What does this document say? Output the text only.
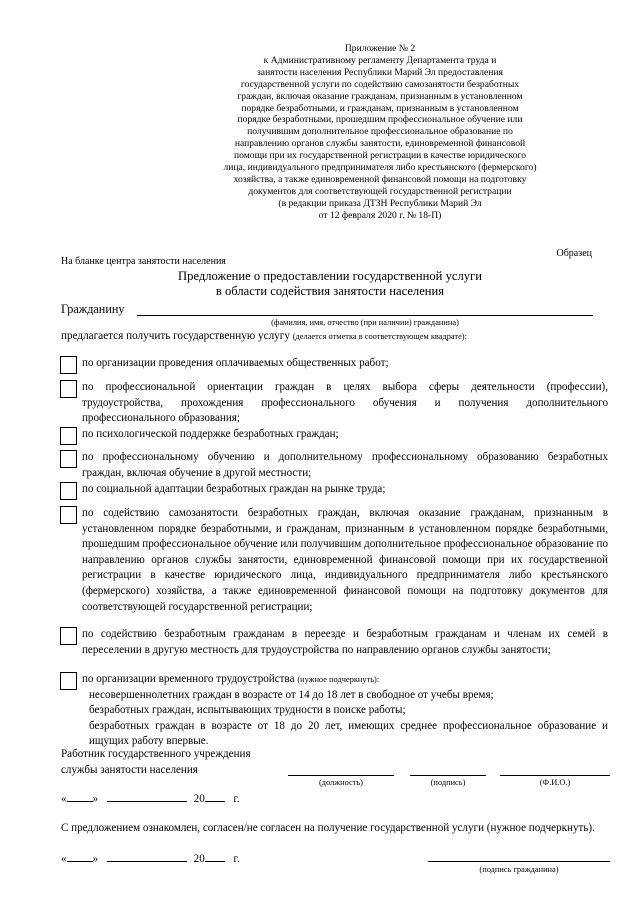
Приложение № 2
к Административному регламенту Департамента труда и
занятости населения Республики Марий Эл предоставления
государственной услуги по содействию самозанятости безработных
граждан, включая оказание гражданам, признанным в установленном
порядке безработными, и гражданам, признанным в установленном
порядке безработными, прошедшим профессиональное обучение или
получившим дополнительное профессиональное образование по
направлению органов службы занятости, единовременной финансовой
помощи при их государственной регистрации в качестве юридического
лица, индивидуального предпринимателя либо крестьянского (фермерского)
хозяйства, а также единовременной финансовой помощи на подготовку
документов для соответствующей государственной регистрации
(в редакции приказа ДТЗН Республики Марий Эл
от 12 февраля 2020 г. № 18-П)
Образец
На бланке центра занятости населения
Предложение о предоставлении государственной услуги
в области содействия занятости населения
Гражданину
(фамилия, имя, отчество (при наличии) гражданина)
предлагается получить государственную услугу (делается отметка в соответствующем квадрате):
по организации проведения оплачиваемых общественных работ;
по профессиональной ориентации граждан в целях выбора сферы деятельности (профессии), трудоустройства, прохождения профессионального обучения и получения дополнительного профессионального образования;
по психологической поддержке безработных граждан;
по профессиональному обучению и дополнительному профессиональному образованию безработных граждан, включая обучение в другой местности;
по социальной адаптации безработных граждан на рынке труда;
по содействию самозанятости безработных граждан, включая оказание гражданам, признанным в установленном порядке безработными, и гражданам, признанным в установленном порядке безработными, прошедшим профессиональное обучение или получившим дополнительное профессиональное образование по направлению органов службы занятости, единовременной финансовой помощи при их государственной регистрации в качестве юридического лица, индивидуального предпринимателя либо крестьянского (фермерского) хозяйства, а также единовременной финансовой помощи на подготовку документов для соответствующей государственной регистрации;
по содействию безработным гражданам в переезде и безработным гражданам и членам их семей в переселении в другую местность для трудоустройства по направлению органов службы занятости;
по организации временного трудоустройства (нужное подчеркнуть):
несовершеннолетних граждан в возрасте от 14 до 18 лет в свободное от учебы время;
безработных граждан, испытывающих трудности в поиске работы;
безработных граждан в возрасте от 18 до 20 лет, имеющих среднее профессиональное образование и ищущих работу впервые.
Работник государственного учреждения
службы занятости населения
(должность)	(подпись)	(Ф.И.О.)
« »	20	г.
С предложением ознакомлен, согласен/не согласен на получение государственной услуги (нужное подчеркнуть).
« »	20	г.
(подпись гражданина)
